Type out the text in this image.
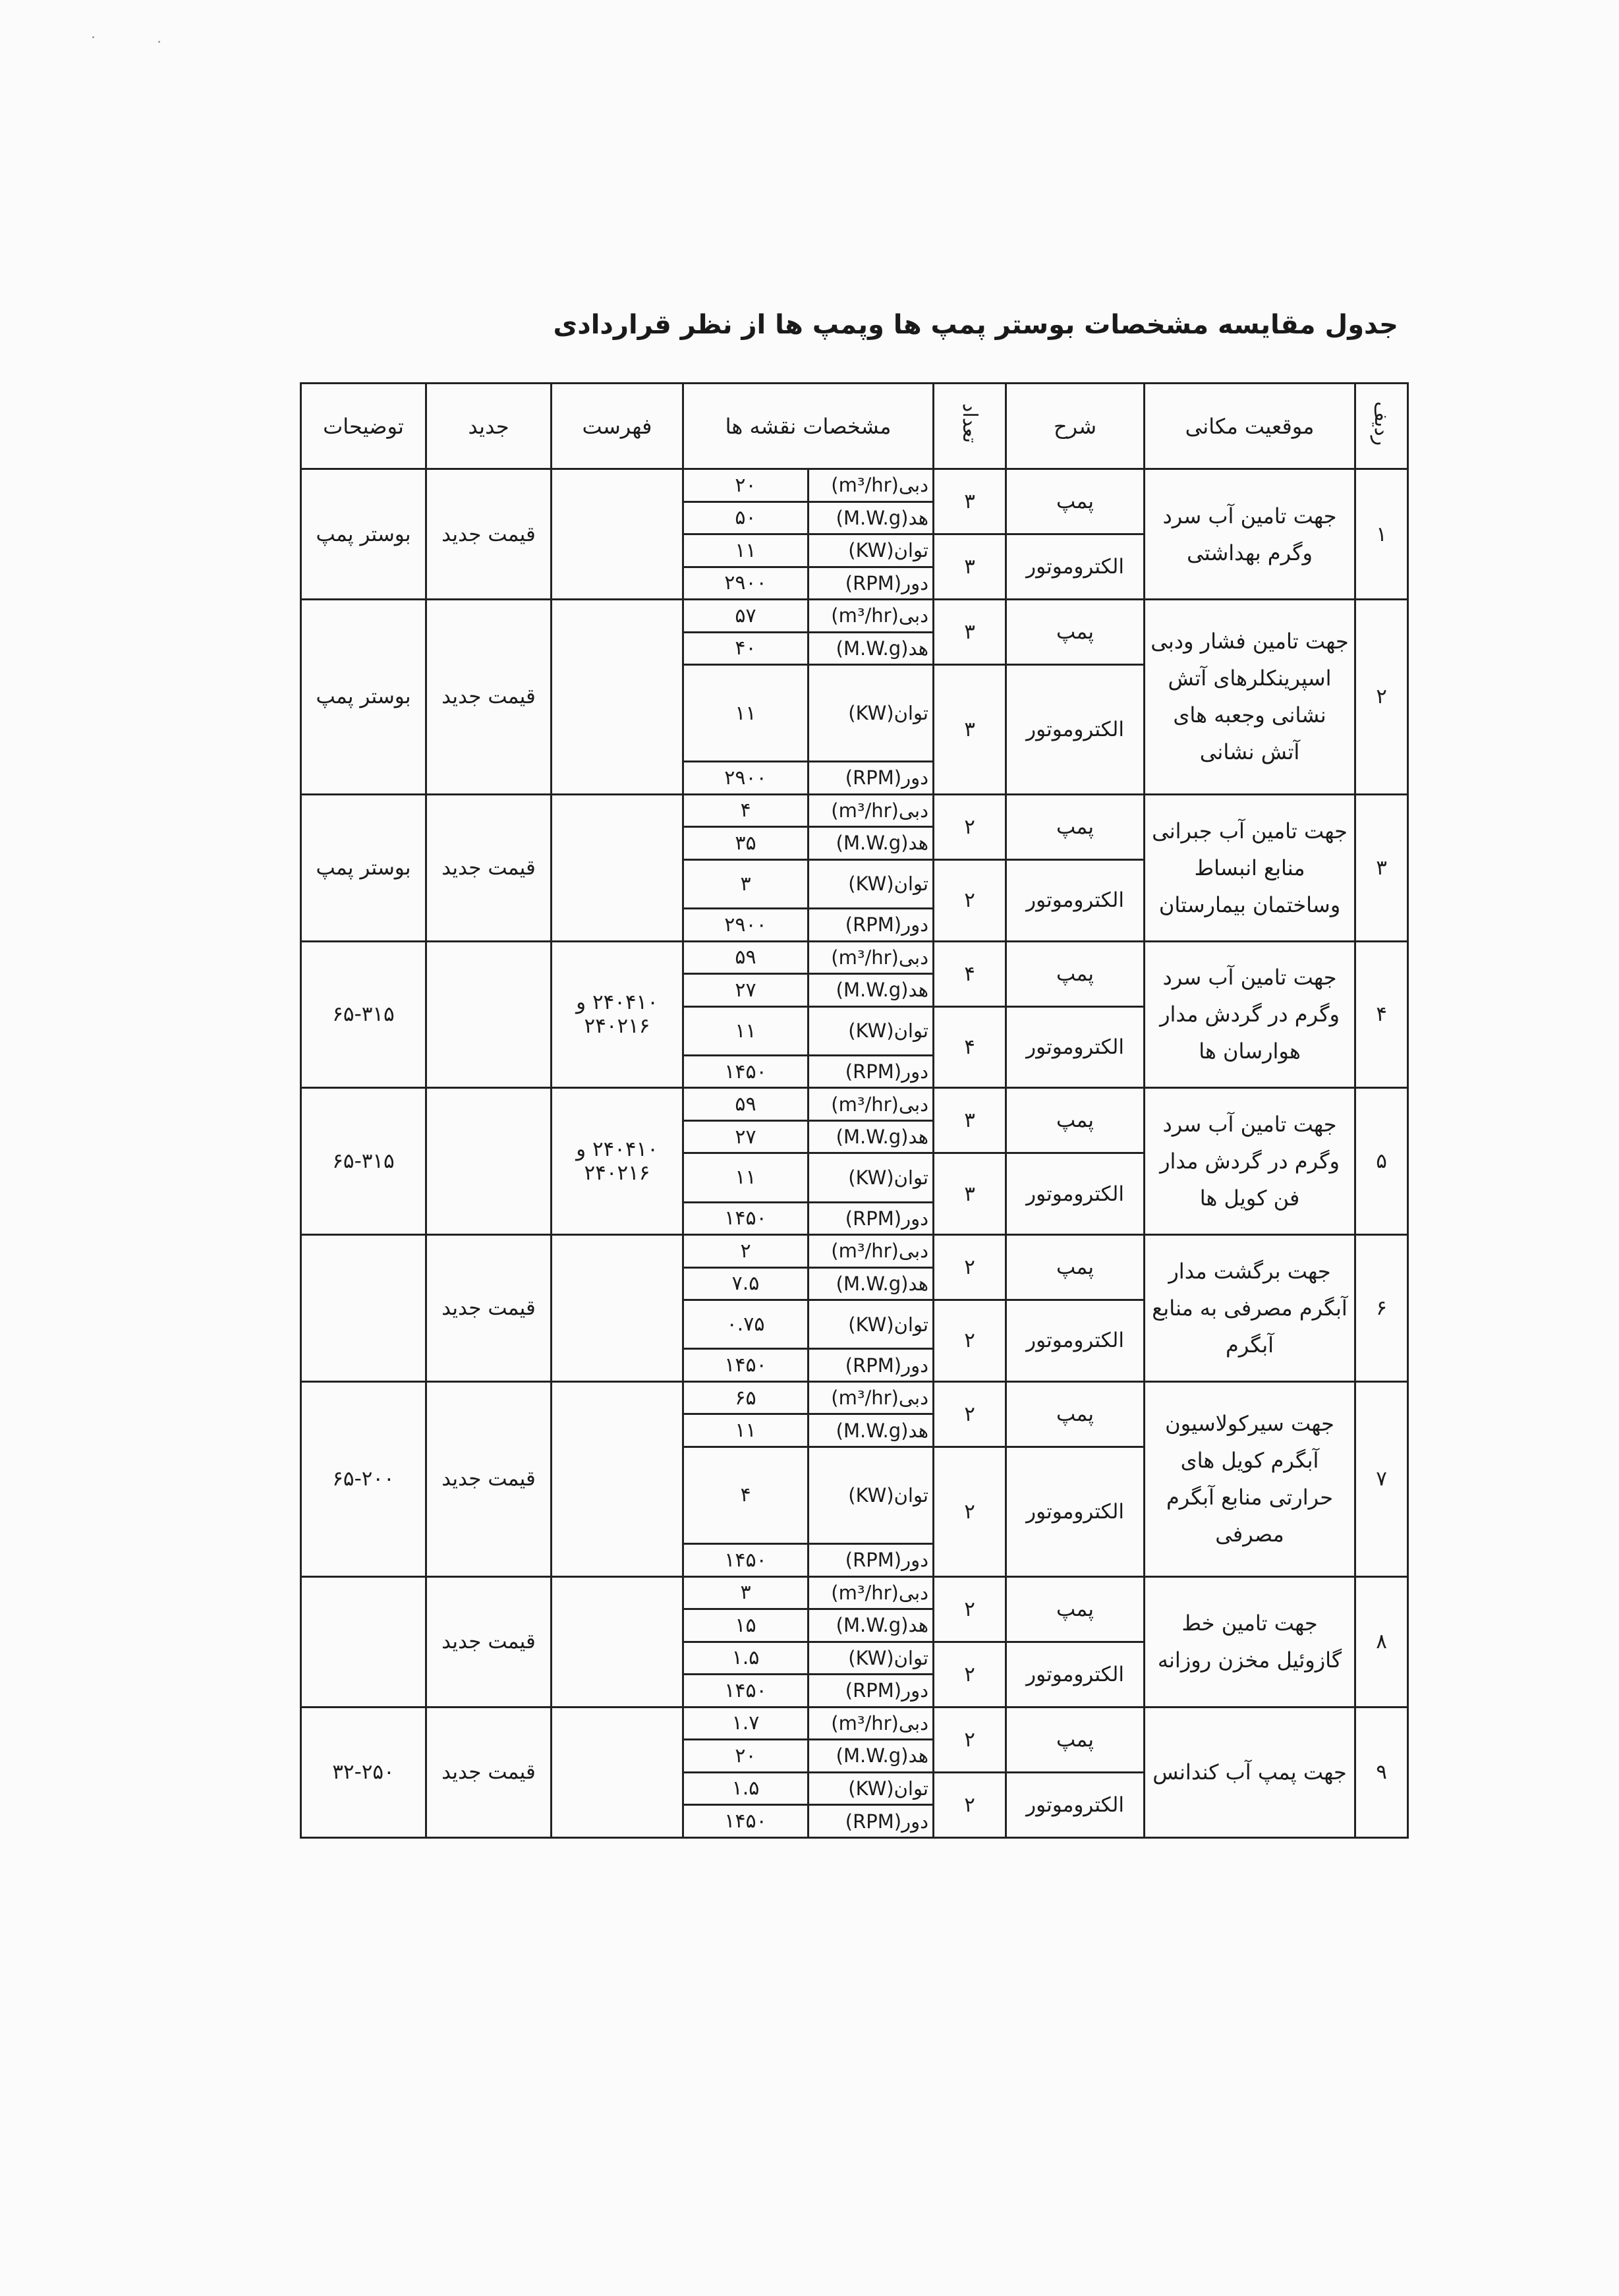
جدول مقایسه مشخصات بوستر پمپ ها وپمپ ها از نظر قراردادی
ردیف	موقعیت مکانی	شرح	تعداد	مشخصات نقشه ها		فهرست	جدید	توضیحات
۱	جهت تامین آب سرد وگرم بهداشتی	پمپ	۳	دبی(m³/hr)	۲۰		قیمت جدید	بوستر پمپ
				هد(M.W.g)	۵۰			
		الکتروموتور	۳	توان(KW)	۱۱			
				دور(RPM)	۲۹۰۰			
۲	جهت تامین فشار ودبی اسپرینکلرهای آتش نشانی وجعبه های آتش نشانی	پمپ	۳	دبی(m³/hr)	۵۷		قیمت جدید	بوستر پمپ
				هد(M.W.g)	۴۰			
		الکتروموتور	۳	توان(KW)	۱۱			
				دور(RPM)	۲۹۰۰			
۳	جهت تامین آب جبرانی منابع انبساط وساختمان بیمارستان	پمپ	۲	دبی(m³/hr)	۴		قیمت جدید	بوستر پمپ
				هد(M.W.g)	۳۵			
		الکتروموتور	۲	توان(KW)	۳			
				دور(RPM)	۲۹۰۰			
۴	جهت تامین آب سرد وگرم در گردش مدار هوارسان ها	پمپ	۴	دبی(m³/hr)	۵۹	۲۴۰۴۱۰ و ۲۴۰۲۱۶		۶۵-۳۱۵
				هد(M.W.g)	۲۷			
		الکتروموتور	۴	توان(KW)	۱۱			
				دور(RPM)	۱۴۵۰			
۵	جهت تامین آب سرد وگرم در گردش مدار فن کویل ها	پمپ	۳	دبی(m³/hr)	۵۹	۲۴۰۴۱۰ و ۲۴۰۲۱۶		۶۵-۳۱۵
				هد(M.W.g)	۲۷			
		الکتروموتور	۳	توان(KW)	۱۱			
				دور(RPM)	۱۴۵۰			
۶	جهت برگشت مدار آبگرم مصرفی به منابع آبگرم	پمپ	۲	دبی(m³/hr)	۲		قیمت جدید	
				هد(M.W.g)	۷.۵			
		الکتروموتور	۲	توان(KW)	۰.۷۵			
				دور(RPM)	۱۴۵۰			
۷	جهت سیرکولاسیون آبگرم کویل های حرارتی منابع آبگرم مصرفی	پمپ	۲	دبی(m³/hr)	۶۵		قیمت جدید	۶۵-۲۰۰
				هد(M.W.g)	۱۱			
		الکتروموتور	۲	توان(KW)	۴			
				دور(RPM)	۱۴۵۰			
۸	جهت تامین خط گازوئیل مخزن روزانه	پمپ	۲	دبی(m³/hr)	۳		قیمت جدید	
				هد(M.W.g)	۱۵			
		الکتروموتور	۲	توان(KW)	۱.۵			
				دور(RPM)	۱۴۵۰			
۹	جهت پمپ آب کندانس	پمپ	۲	دبی(m³/hr)	۱.۷		قیمت جدید	۳۲-۲۵۰
				هد(M.W.g)	۲۰			
		الکتروموتور	۲	توان(KW)	۱.۵			
				دور(RPM)	۱۴۵۰			
